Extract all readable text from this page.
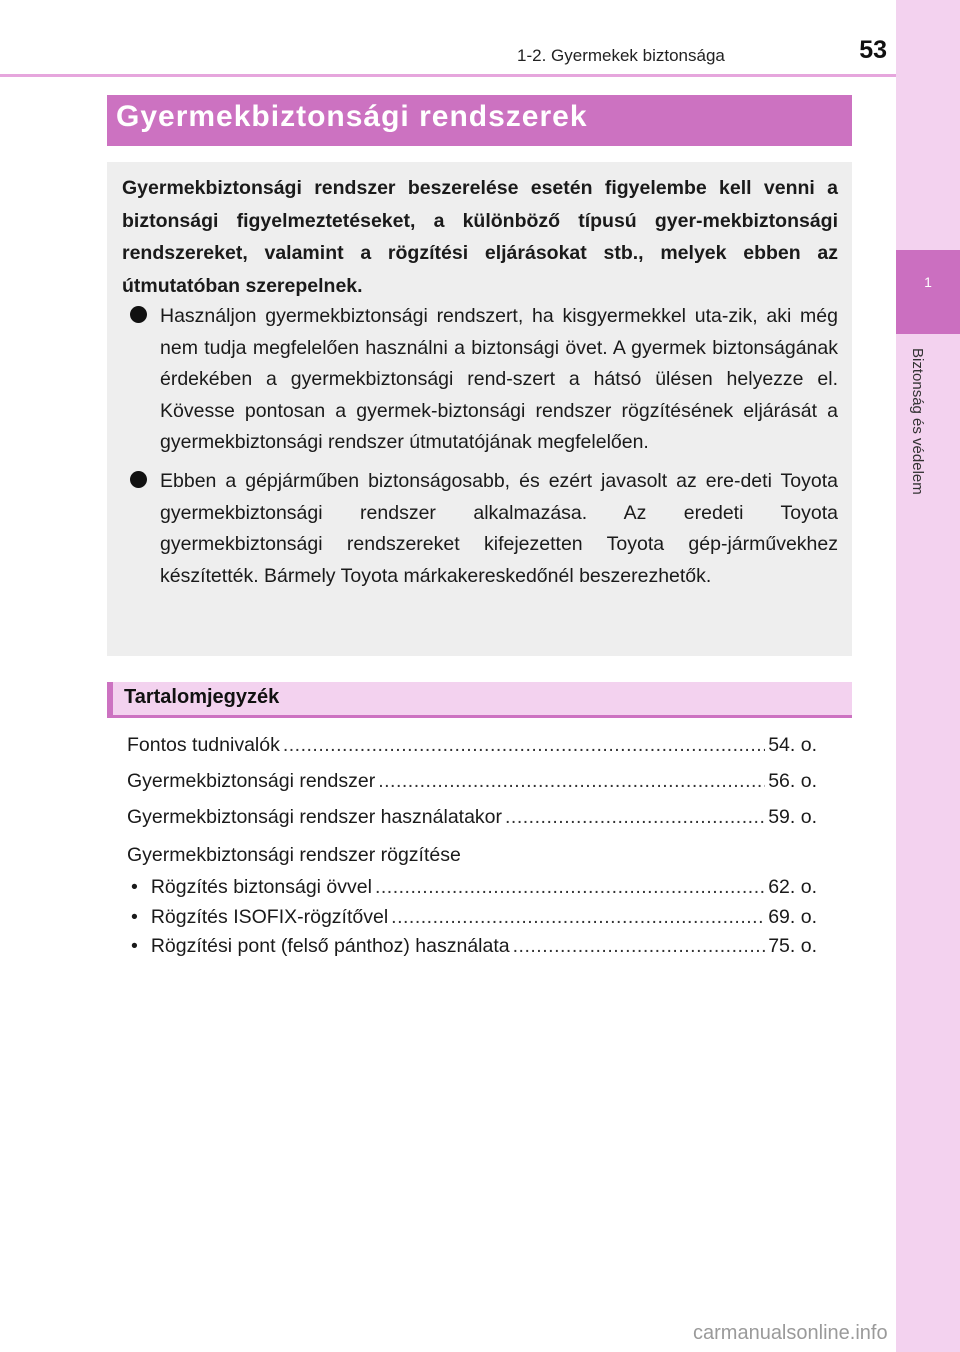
1
Biztonság és védelem
1-2. Gyermekek biztonsága	53
Gyermekbiztonsági rendszerek
Gyermekbiztonsági rendszer beszerelése esetén figyelembe kell venni a biztonsági figyelmeztetéseket, a különböző típusú gyer-mekbiztonsági rendszereket, valamint a rögzítési eljárásokat stb., melyek ebben az útmutatóban szerepelnek.
Használjon gyermekbiztonsági rendszert, ha kisgyermekkel uta-zik, aki még nem tudja megfelelően használni a biztonsági övet. A gyermek biztonságának érdekében a gyermekbiztonsági rend-szert a hátsó ülésen helyezze el. Kövesse pontosan a gyermek-biztonsági rendszer rögzítésének eljárását a gyermekbiztonsági rendszer útmutatójának megfelelően.
Ebben a gépjárműben biztonságosabb, és ezért javasolt az ere-deti Toyota gyermekbiztonsági rendszer alkalmazása. Az eredeti Toyota gyermekbiztonsági rendszereket kifejezetten Toyota gép-járművekhez készítették. Bármely Toyota márkakereskedőnél beszerezhetők.
Tartalomjegyzék
Fontos tudnivalók .....	54. o.
Gyermekbiztonsági rendszer .....	56. o.
Gyermekbiztonsági rendszer használatakor .....	59. o.
Gyermekbiztonsági rendszer rögzítése
• Rögzítés biztonsági övvel .....	62. o.
• Rögzítés ISOFIX-rögzítővel .....	69. o.
• Rögzítési pont (felső pánthoz) használata .....	75. o.
carmanualsonline.info
